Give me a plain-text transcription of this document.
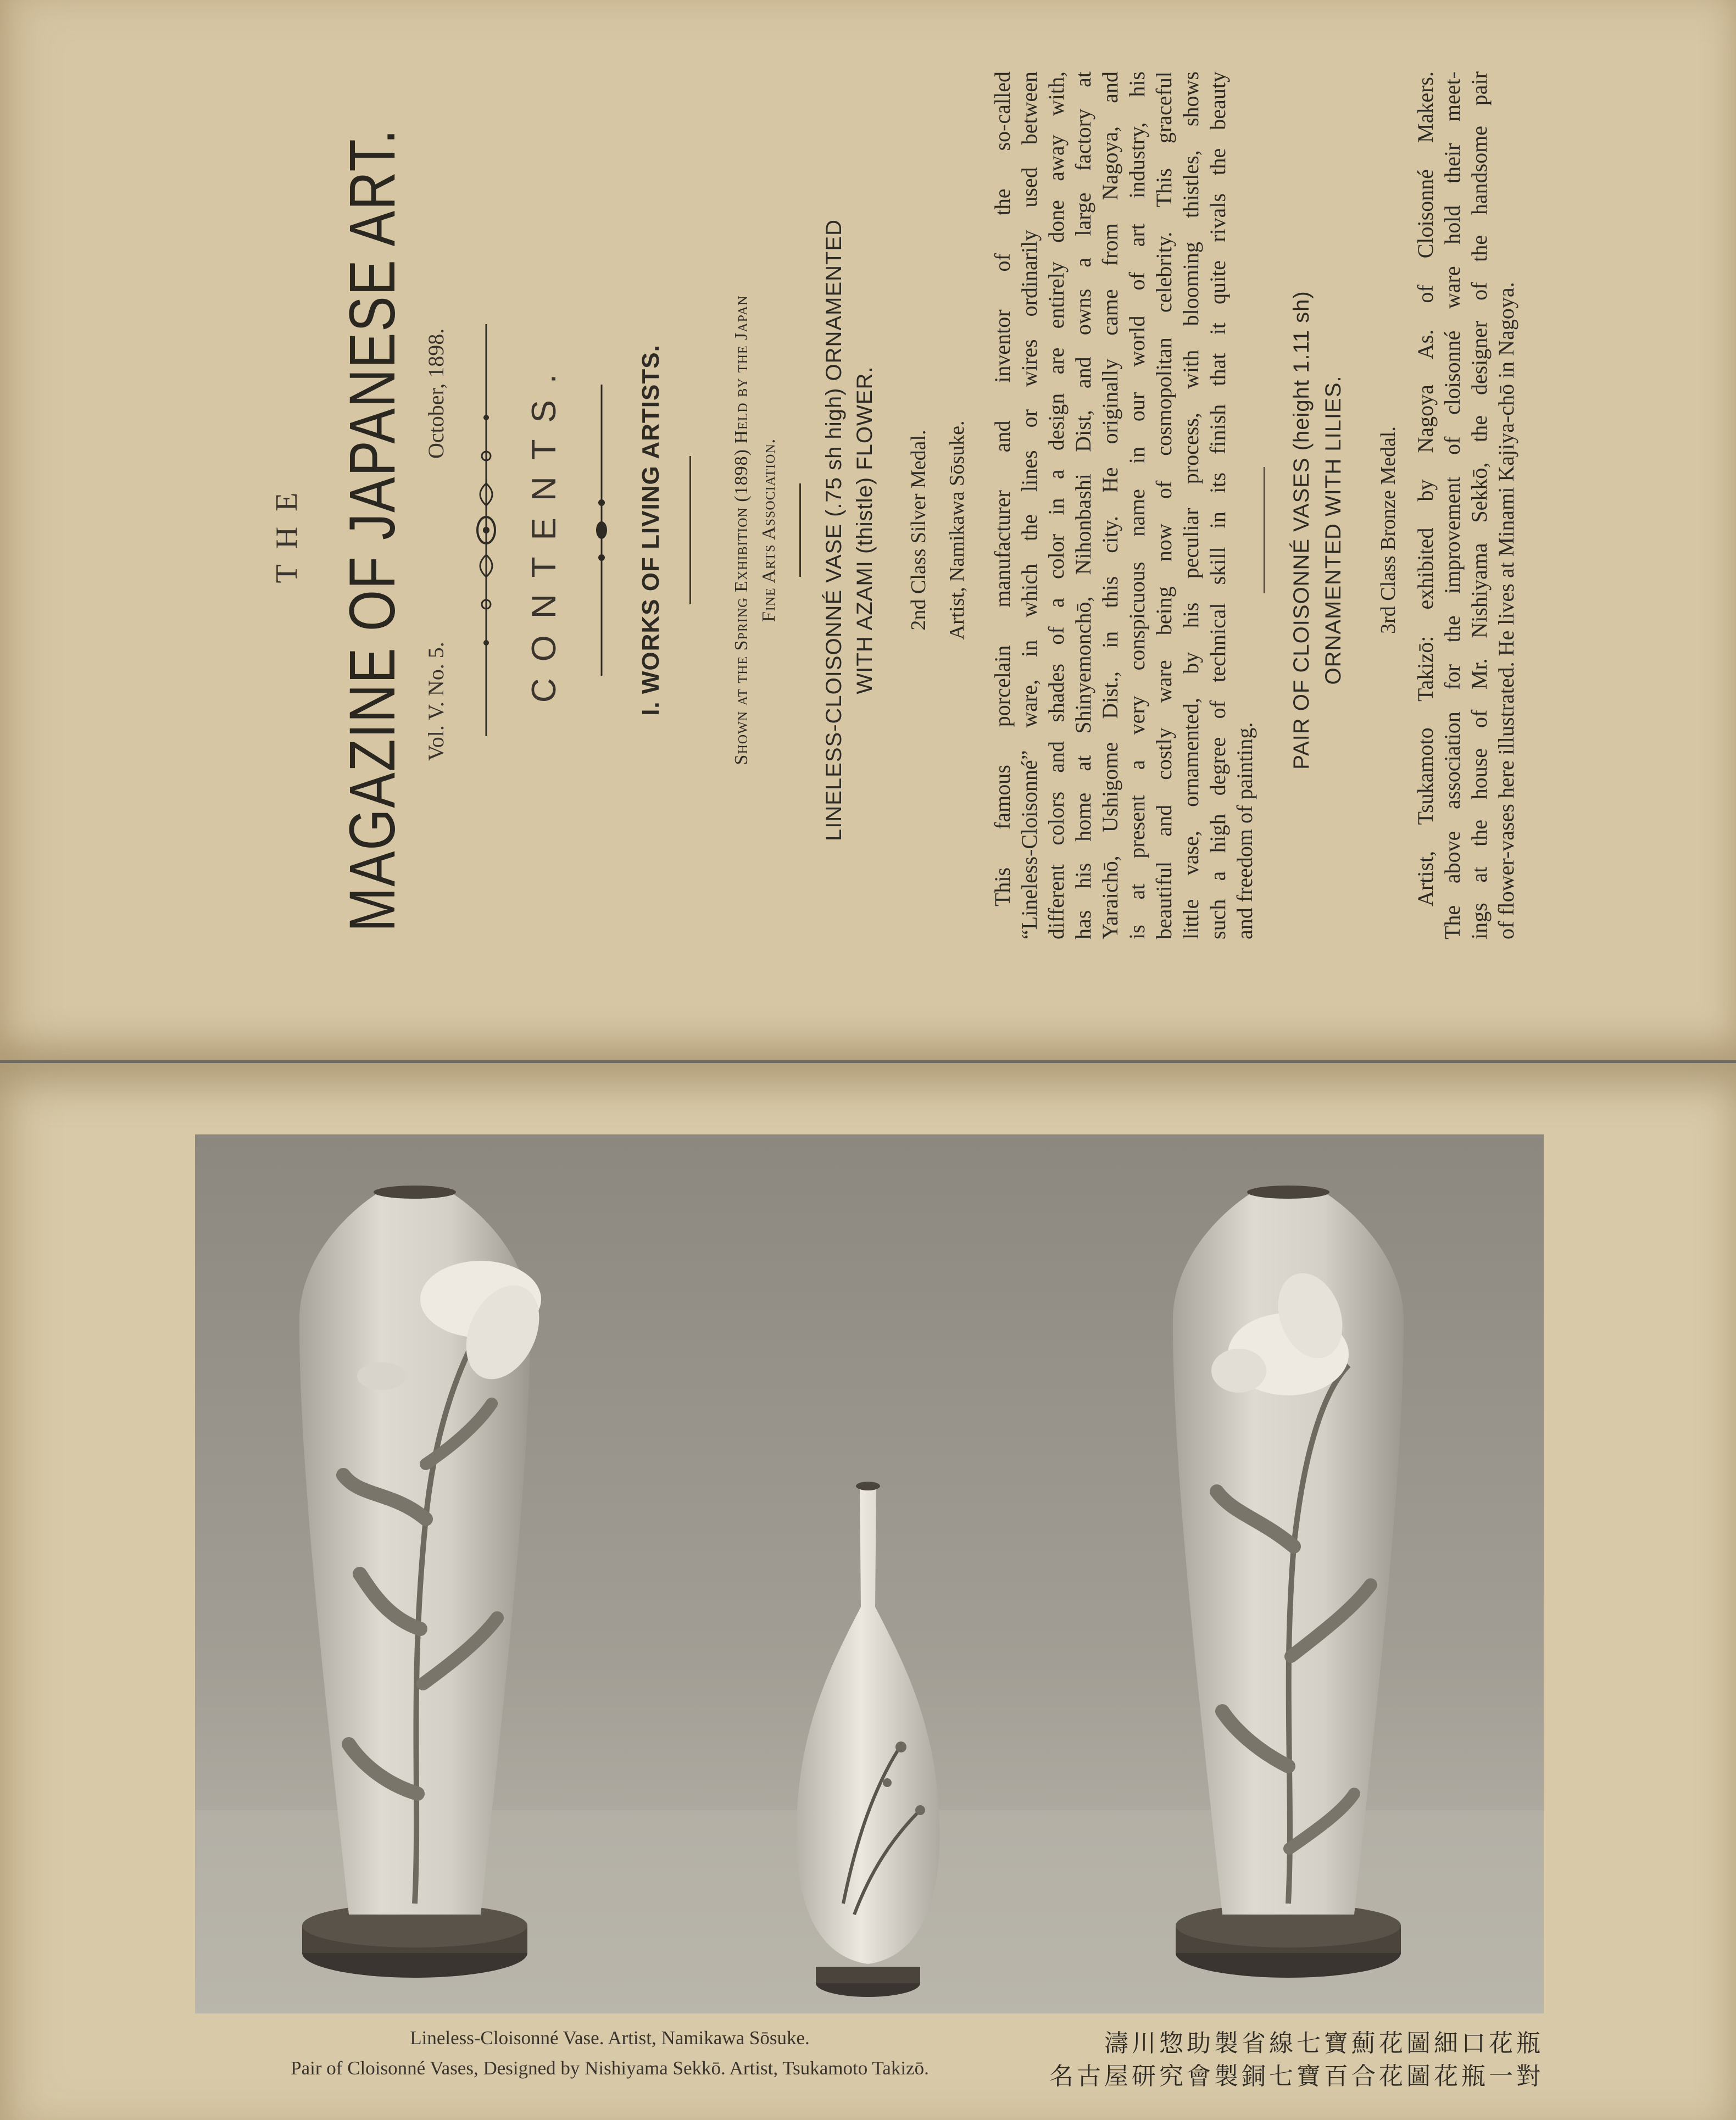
THE MAGAZINE OF JAPANESE ART. Vol. V. No. 5.
October, 1898. CONTENTS.	I. WORKS OF LIVING ARTISTS.	Shown at the Spring Exhibition (1898) Held by the Japan Fine Arts Association. LINELESS-CLOISONNÉ VASE (.75 sh high) ORNAMENTED WITH AZAMI (thistle) FLOWER. 2nd Class Silver Medal. Artist, Namikawa Sōsuke. This famous porcelain manufacturer and inventor of the so-called “Lineless-Cloisonné” ware, in which the lines or wires ordinarily used between different colors and shades of a color in a design are entirely done away with, has his home at Shinyemonchō, Nihonbashi Dist, and owns a large factory at Yaraichō, Ushigome Dist., in this city. He originally came from Nagoya, and is at present a very conspicuous name in our world of art industry, his beautiful and costly ware being now of cosmopolitan celebrity. This graceful little vase, ornamented, by his peculiar process, with blooming thistles, shows such a high degree of technical skill in its finish that it quite rivals the beauty and freedom of painting.
PAIR OF CLOISONNÉ VASES (height 1.11 sh) ORNAMENTED WITH LILIES. 3rd Class Bronze Medal. Artist, Tsukamoto Takizō: exhibited by Nagoya As. of Cloisonné Makers. The above association for the improvement of cloisonné ware hold their meet- ings at the house of Mr. Nishiyama Sekkō, the designer of the handsome pair of flower-vases here illustrated. He lives at Minami Kajiya-chō in Nagoya.
Lineless-Cloisonné Vase. Artist, Namikawa Sōsuke.
Pair of Cloisonné Vases, Designed by Nishiyama Sekkō. Artist, Tsukamoto Takizō.
濤川惣助製省線七寶薊花圖細口花瓶
名古屋研究會製銅七寶百合花圖花瓶一對
